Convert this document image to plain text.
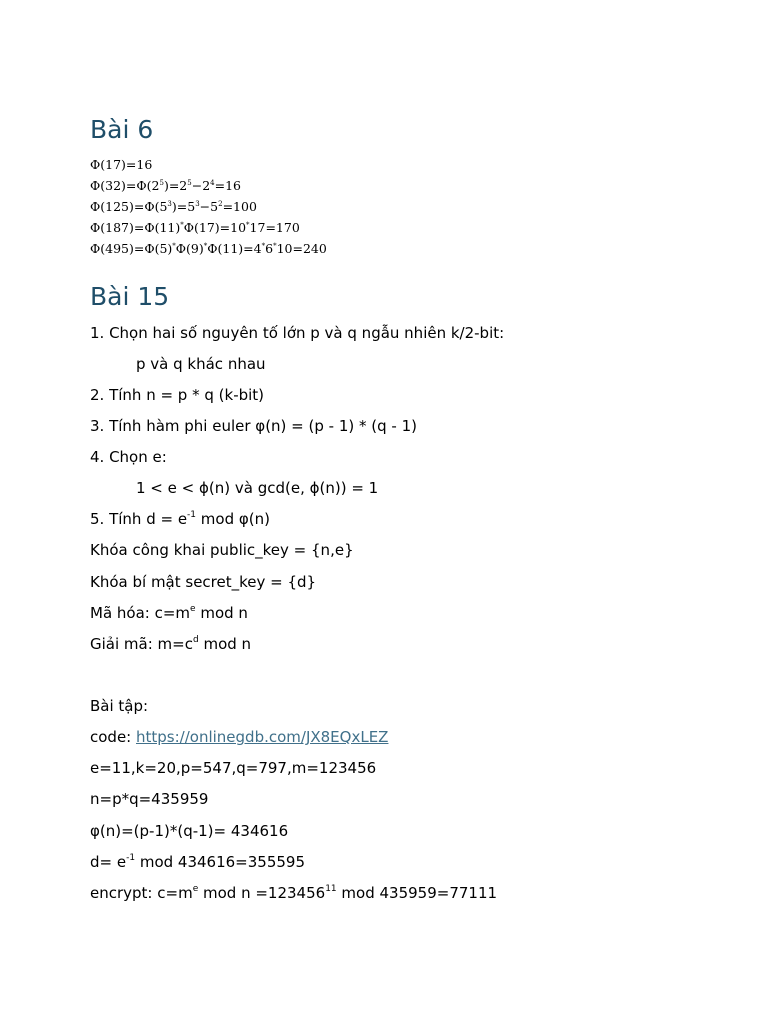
Bài 6

Φ(17)=16

$\Phi(32)=\Phi(2^5)=2^5-2^4=16$

$\Phi(125)=\Phi(5^3)=5^3-5^2=100$

Φ(187)=Φ(11)*Φ(17)=10*17=170

Φ(495)=Φ(5)*Φ(9)*Φ(11)=4*6*10=240

Bài 15

1. Chọn hai số nguyên tố lớn p và q ngẫu nhiên k/2-bit:

p và q khác nhau

2. Tính n = p * q (k-bit)

3. Tính hàm phi euler φ(n) = (p - 1) * (q - 1)

4. Chọn e:

1 < e < ϕ(n) và gcd(e, ϕ(n)) = 1

5. Tính $d = e^{-1}$ mod φ(n)

Khóa công khai public_key = {n,e}

Khóa bí mật secret_key = {d}

Mã hóa: $c=m^e$ mod n

Giải mã: $m=c^d$ mod n

Bài tập:

code: https://onlinegdb.com/JX8EQxLEZ

e=11,k=20,p=547,q=797,m=123456

n=p*q=435959

φ(n)=(p-1)*(q-1)= 434616

$d= e^{-1}$ mod 434616=355595

encrypt: $c=m^e$ mod $n =123456^{11}$ mod 435959=77111
